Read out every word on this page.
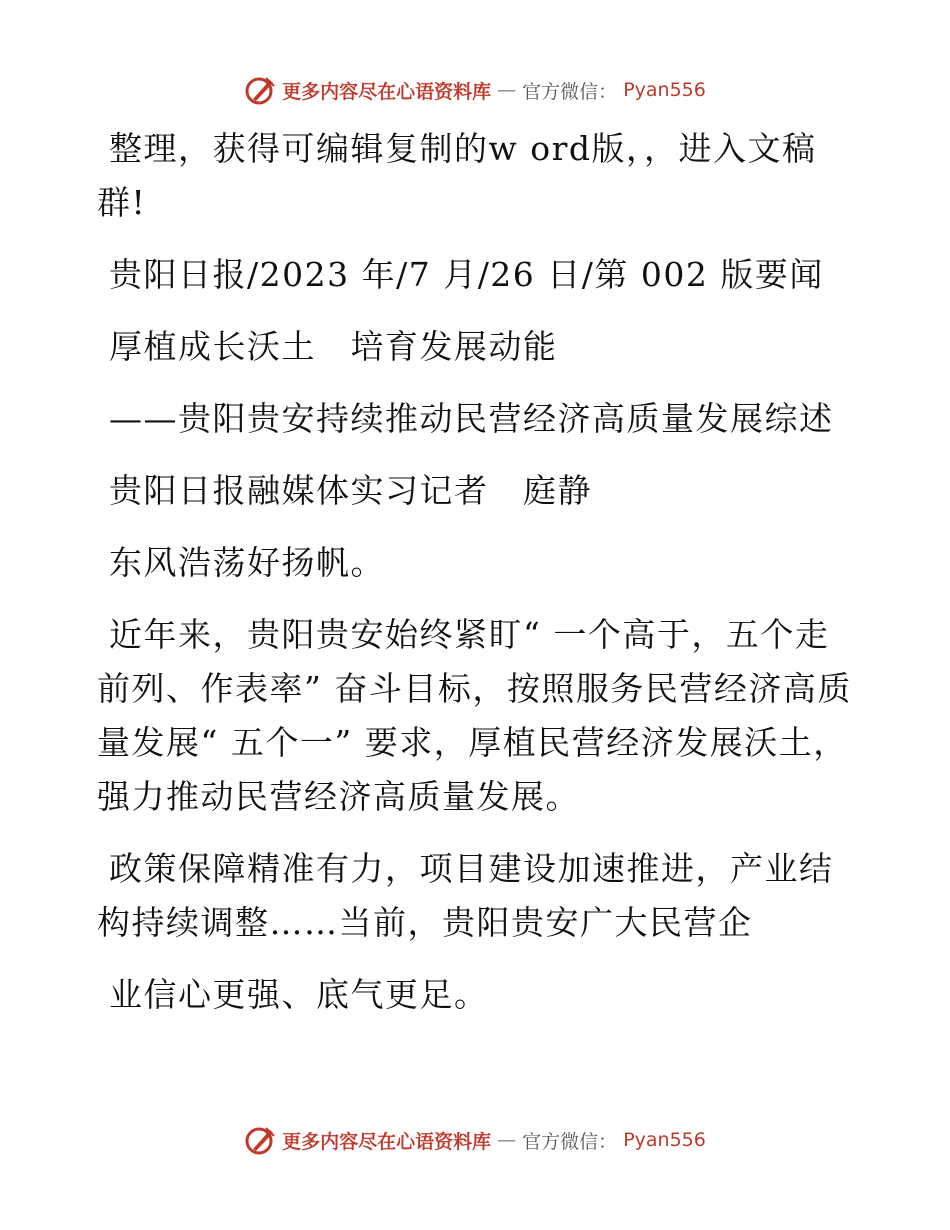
更多内容尽在心语资料库 — 官方微信： Pyan556

整理，获得可编辑复制的w ord版，，进入文稿群!

贵阳日报/2023 年/7 月/26 日/第 002 版要闻

厚植成长沃土　培育发展动能

——贵阳贵安持续推动民营经济高质量发展综述

贵阳日报融媒体实习记者　庭静

东风浩荡好扬帆。

近年来，贵阳贵安始终紧盯“ 一个高于，五个走前列、作表率” 奋斗目标，按照服务民营经济高质量发展“ 五个一” 要求，厚植民营经济发展沃土，强力推动民营经济高质量发展。

政策保障精准有力，项目建设加速推进，产业结构持续调整……当前，贵阳贵安广大民营企

业信心更强、底气更足。

更多内容尽在心语资料库 — 官方微信： Pyan556
